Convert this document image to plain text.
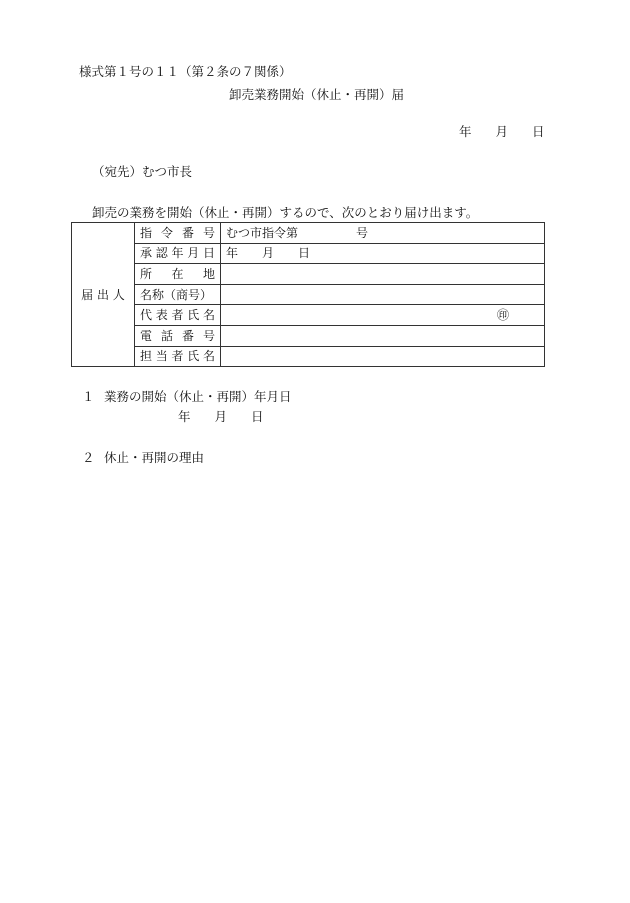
様式第１号の１１（第２条の７関係）
卸売業務開始（休止・再開）届
年 月 日
（宛先）むつ市長
卸売の業務を開始（休止・再開）するので、次のとおり届け出ます。
届 出 人	指令番号	むつ市指令第 号
	承認年月日	年 月 日
	所在地	
	名称（商号）	
	代表者氏名	㊞

	電話番号	
	担当者氏名	
１ 業務の開始（休止・再開）年月日
年 月 日
２ 休止・再開の理由
